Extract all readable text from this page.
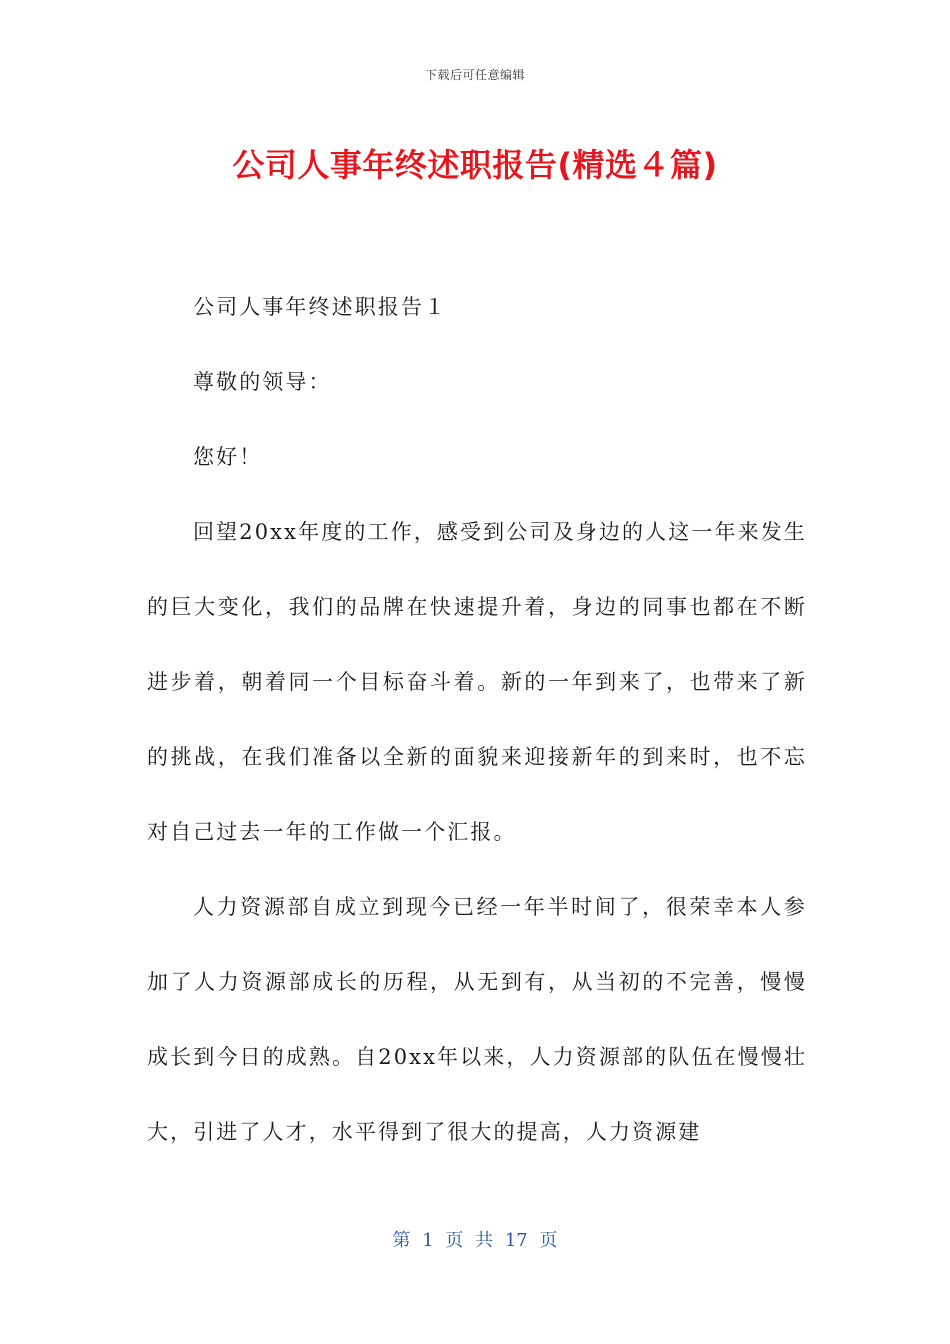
下载后可任意编辑
公司人事年终述职报告(精选４篇)

公司人事年终述职报告１

尊敬的领导：

您好！

回望20xx年度的工作，感受到公司及身边的人这一年来发生的巨大变化，我们的品牌在快速提升着，身边的同事也都在不断进步着，朝着同一个目标奋斗着。新的一年到来了，也带来了新的挑战，在我们准备以全新的面貌来迎接新年的到来时，也不忘对自己过去一年的工作做一个汇报。

人力资源部自成立到现今已经一年半时间了，很荣幸本人参加了人力资源部成长的历程，从无到有，从当初的不完善，慢慢成长到今日的成熟。自20xx年以来，人力资源部的队伍在慢慢壮大，引进了人才，水平得到了很大的提高，人力资源建

第 1 页 共 17 页
